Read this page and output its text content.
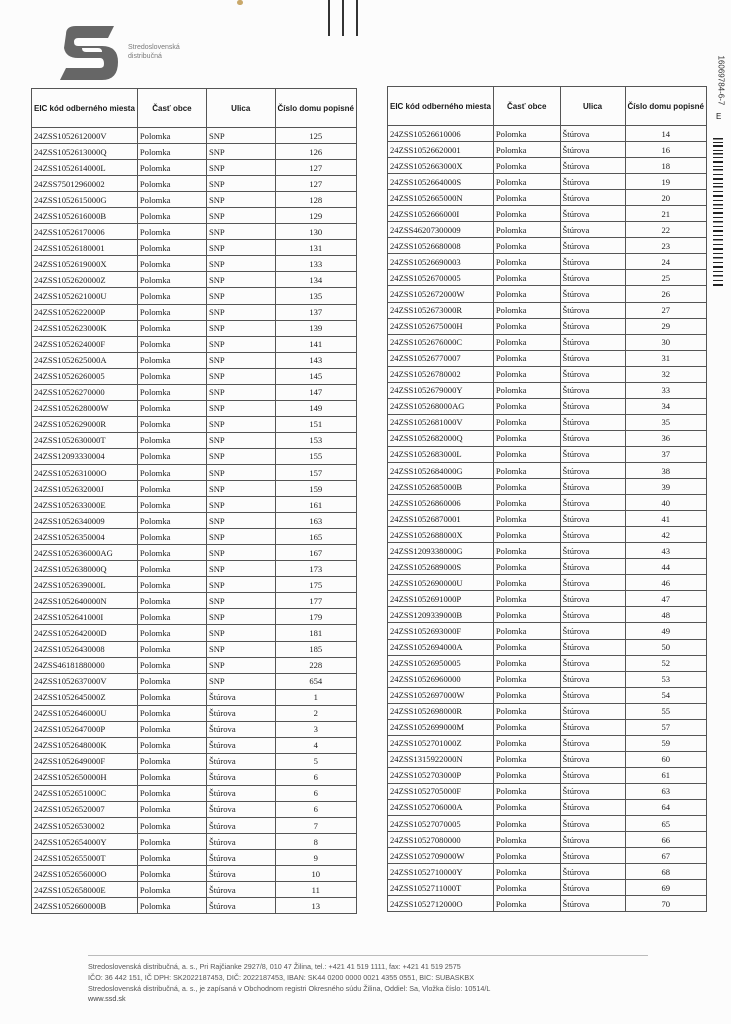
Stredoslovenská
distribučná	16069784-6-7
E
EIC kód odberného miesta	Časť obce	Ulica	Číslo domu popisné
24ZSS1052612000V	Polomka	SNP	125
24ZSS1052613000Q	Polomka	SNP	126
24ZSS1052614000L	Polomka	SNP	127
24ZSS75012960002	Polomka	SNP	127
24ZSS1052615000G	Polomka	SNP	128
24ZSS1052616000B	Polomka	SNP	129
24ZSS10526170006	Polomka	SNP	130
24ZSS10526180001	Polomka	SNP	131
24ZSS1052619000X	Polomka	SNP	133
24ZSS1052620000Z	Polomka	SNP	134
24ZSS1052621000U	Polomka	SNP	135
24ZSS1052622000P	Polomka	SNP	137
24ZSS1052623000K	Polomka	SNP	139
24ZSS1052624000F	Polomka	SNP	141
24ZSS1052625000A	Polomka	SNP	143
24ZSS10526260005	Polomka	SNP	145
24ZSS10526270000	Polomka	SNP	147
24ZSS1052628000W	Polomka	SNP	149
24ZSS1052629000R	Polomka	SNP	151
24ZSS1052630000T	Polomka	SNP	153
24ZSS12093330004	Polomka	SNP	155
24ZSS1052631000O	Polomka	SNP	157
24ZSS1052632000J	Polomka	SNP	159
24ZSS1052633000E	Polomka	SNP	161
24ZSS10526340009	Polomka	SNP	163
24ZSS10526350004	Polomka	SNP	165
24ZSS1052636000AG	Polomka	SNP	167
24ZSS1052638000Q	Polomka	SNP	173
24ZSS1052639000L	Polomka	SNP	175
24ZSS1052640000N	Polomka	SNP	177
24ZSS1052641000I	Polomka	SNP	179
24ZSS1052642000D	Polomka	SNP	181
24ZSS10526430008	Polomka	SNP	185
24ZSS46181880000	Polomka	SNP	228
24ZSS1052637000V	Polomka	SNP	654
24ZSS1052645000Z	Polomka	Štúrova	1
24ZSS1052646000U	Polomka	Štúrova	2
24ZSS1052647000P	Polomka	Štúrova	3
24ZSS1052648000K	Polomka	Štúrova	4
24ZSS1052649000F	Polomka	Štúrova	5
24ZSS1052650000H	Polomka	Štúrova	6
24ZSS1052651000C	Polomka	Štúrova	6
24ZSS10526520007	Polomka	Štúrova	6
24ZSS10526530002	Polomka	Štúrova	7
24ZSS1052654000Y	Polomka	Štúrova	8
24ZSS1052655000T	Polomka	Štúrova	9
24ZSS1052656000O	Polomka	Štúrova	10
24ZSS1052658000E	Polomka	Štúrova	11
24ZSS1052660000B	Polomka	Štúrova	13
EIC kód odberného miesta	Časť obce	Ulica	Číslo domu popisné
24ZSS10526610006	Polomka	Štúrova	14
24ZSS10526620001	Polomka	Štúrova	16
24ZSS1052663000X	Polomka	Štúrova	18
24ZSS1052664000S	Polomka	Štúrova	19
24ZSS1052665000N	Polomka	Štúrova	20
24ZSS1052666000I	Polomka	Štúrova	21
24ZSS46207300009	Polomka	Štúrova	22
24ZSS10526680008	Polomka	Štúrova	23
24ZSS10526690003	Polomka	Štúrova	24
24ZSS10526700005	Polomka	Štúrova	25
24ZSS1052672000W	Polomka	Štúrova	26
24ZSS1052673000R	Polomka	Štúrova	27
24ZSS1052675000H	Polomka	Štúrova	29
24ZSS1052676000C	Polomka	Štúrova	30
24ZSS10526770007	Polomka	Štúrova	31
24ZSS10526780002	Polomka	Štúrova	32
24ZSS1052679000Y	Polomka	Štúrova	33
24ZSS105268000AG	Polomka	Štúrova	34
24ZSS1052681000V	Polomka	Štúrova	35
24ZSS1052682000Q	Polomka	Štúrova	36
24ZSS1052683000L	Polomka	Štúrova	37
24ZSS1052684000G	Polomka	Štúrova	38
24ZSS1052685000B	Polomka	Štúrova	39
24ZSS10526860006	Polomka	Štúrova	40
24ZSS10526870001	Polomka	Štúrova	41
24ZSS1052688000X	Polomka	Štúrova	42
24ZSS1209338000G	Polomka	Štúrova	43
24ZSS1052689000S	Polomka	Štúrova	44
24ZSS1052690000U	Polomka	Štúrova	46
24ZSS1052691000P	Polomka	Štúrova	47
24ZSS1209339000B	Polomka	Štúrova	48
24ZSS1052693000F	Polomka	Štúrova	49
24ZSS1052694000A	Polomka	Štúrova	50
24ZSS10526950005	Polomka	Štúrova	52
24ZSS10526960000	Polomka	Štúrova	53
24ZSS1052697000W	Polomka	Štúrova	54
24ZSS1052698000R	Polomka	Štúrova	55
24ZSS1052699000M	Polomka	Štúrova	57
24ZSS1052701000Z	Polomka	Štúrova	59
24ZSS1315922000N	Polomka	Štúrova	60
24ZSS1052703000P	Polomka	Štúrova	61
24ZSS1052705000F	Polomka	Štúrova	63
24ZSS1052706000A	Polomka	Štúrova	64
24ZSS10527070005	Polomka	Štúrova	65
24ZSS10527080000	Polomka	Štúrova	66
24ZSS1052709000W	Polomka	Štúrova	67
24ZSS1052710000Y	Polomka	Štúrova	68
24ZSS1052711000T	Polomka	Štúrova	69
24ZSS1052712000O	Polomka	Štúrova	70
Stredoslovenská distribučná, a. s., Pri Rajčianke 2927/8, 010 47 Žilina, tel.: +421 41 519 1111, fax: +421 41 519 2575
IČO: 36 442 151, IČ DPH: SK2022187453, DIČ: 2022187453, IBAN: SK44 0200 0000 0021 4355 0551, BIC: SUBASKBX
Stredoslovenská distribučná, a. s., je zapísaná v Obchodnom registri Okresného súdu Žilina, Oddiel: Sa, Vložka číslo: 10514/L
www.ssd.sk
